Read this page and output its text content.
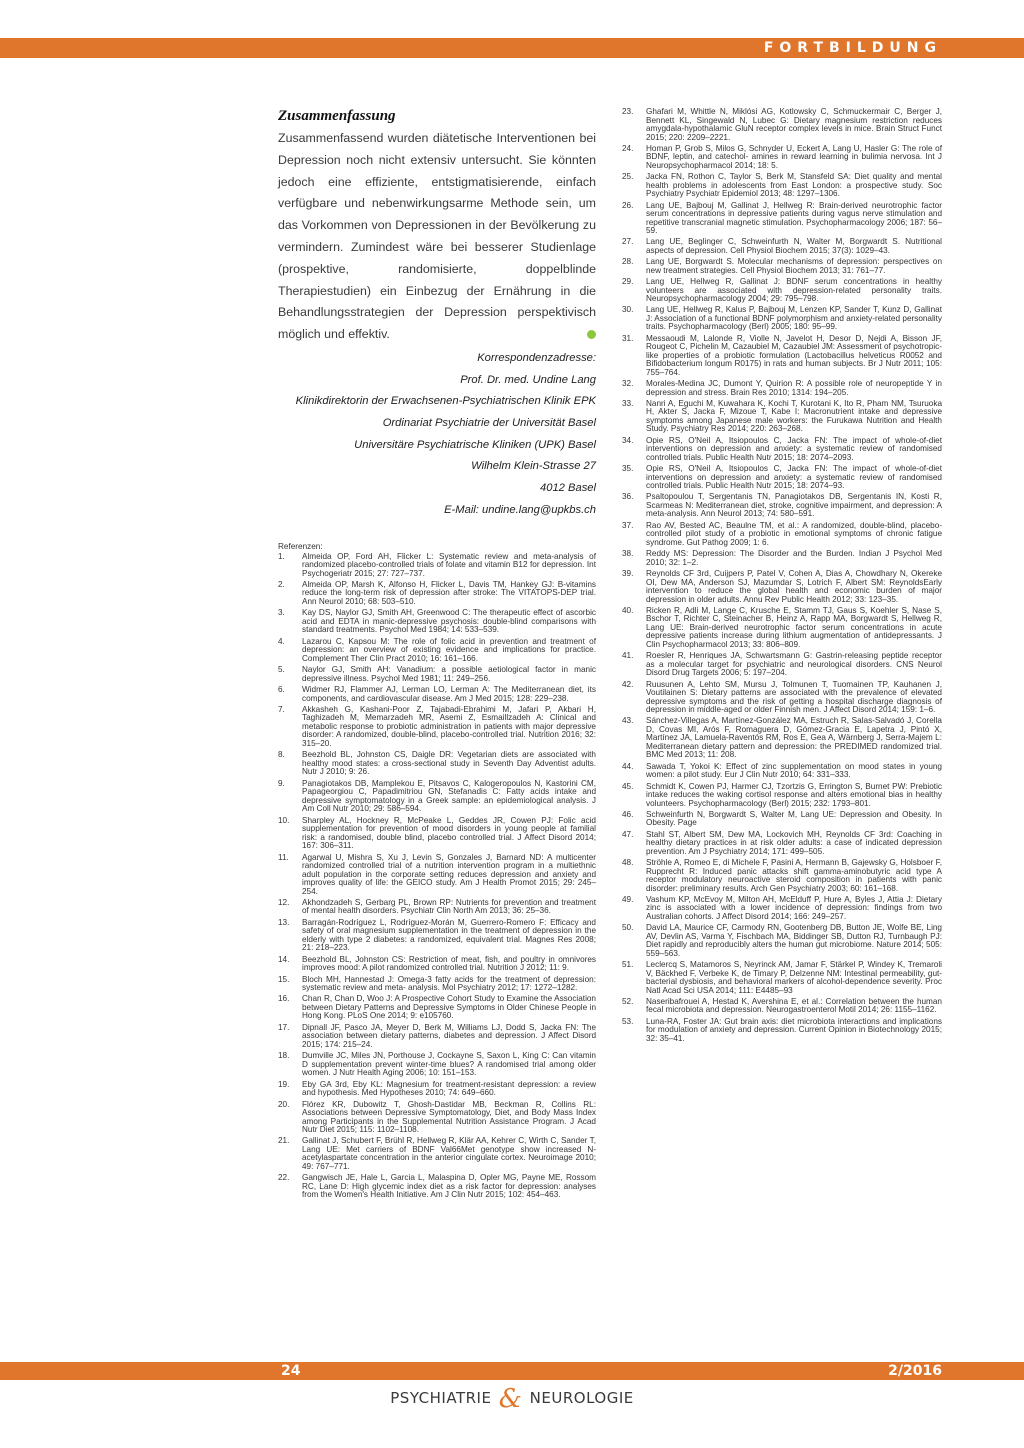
FORTBILDUNG
Zusammenfassung
Zusammenfassend wurden diätetische Interventionen bei Depression noch nicht extensiv untersucht. Sie könnten jedoch eine effiziente, entstigmatisierende, einfach verfügbare und nebenwirkungsarme Methode sein, um das Vorkommen von Depressionen in der Bevölkerung zu vermindern. Zumindest wäre bei besserer Studienlage (prospektive, randomisierte, doppelblinde Therapiestudien) ein Einbezug der Ernährung in die Behandlungsstrategien der Depression perspektivisch möglich und effektiv.
Korrespondenzadresse:
Prof. Dr. med. Undine Lang
Klinikdirektorin der Erwachsenen-Psychiatrischen Klinik EPK
Ordinariat Psychiatrie der Universität Basel
Universitäre Psychiatrische Kliniken (UPK) Basel
Wilhelm Klein-Strasse 27
4012 Basel
E-Mail: undine.lang@upkbs.ch
Referenzen:
1. Almeida OP, Ford AH, Flicker L: Systematic review and meta-analysis of randomized placebo-controlled trials of folate and vitamin B12 for depression. Int Psychogeriatr 2015; 27: 727–737.
2. Almeida OP, Marsh K, Alfonso H, Flicker L, Davis TM, Hankey GJ: B-vitamins reduce the long-term risk of depression after stroke: The VITATOPS-DEP trial. Ann Neurol 2010; 68: 503–510.
3. Kay DS, Naylor GJ, Smith AH, Greenwood C: The therapeutic effect of ascorbic acid and EDTA in manic-depressive psychosis: double-blind comparisons with standard treatments. Psychol Med 1984; 14: 533–539.
4. Lazarou C, Kapsou M: The role of folic acid in prevention and treatment of depression: an overview of existing evidence and implications for practice. Complement Ther Clin Pract 2010; 16: 161–166.
5. Naylor GJ, Smith AH: Vanadium: a possible aetiological factor in manic depressive illness. Psychol Med 1981; 11: 249–256.
6. Widmer RJ, Flammer AJ, Lerman LO, Lerman A: The Mediterranean diet, its components, and cardiovascular disease. Am J Med 2015; 128: 229–238.
7. Akkasheh G, Kashani-Poor Z, Tajabadi-Ebrahimi M, Jafari P, Akbari H, Taghizadeh M, Memarzadeh MR, Asemi Z, Esmaillzadeh A: Clinical and metabolic response to probiotic administration in patients with major depressive disorder: A randomized, double-blind, placebo-controlled trial. Nutrition 2016; 32: 315–20.
8. Beezhold BL, Johnston CS, Daigle DR: Vegetarian diets are associated with healthy mood states: a cross-sectional study in Seventh Day Adventist adults. Nutr J 2010; 9: 26.
9. Panagiotakos DB, Mamplekou E, Pitsavos C, Kalogeropoulos N, Kastorini CM, Papageorgiou C, Papadimitriou GN, Stefanadis C: Fatty acids intake and depressive symptomatology in a Greek sample: an epidemiological analysis. J Am Coll Nutr 2010; 29: 586–594.
10. Sharpley AL, Hockney R, McPeake L, Geddes JR, Cowen PJ: Folic acid supplementation for prevention of mood disorders in young people at familial risk: a randomised, double blind, placebo controlled trial. J Affect Disord 2014; 167: 306–311.
11. Agarwal U, Mishra S, Xu J, Levin S, Gonzales J, Barnard ND: A multicenter randomized controlled trial of a nutrition intervention program in a multiethnic adult population in the corporate setting reduces depression and anxiety and improves quality of life: the GEICO study. Am J Health Promot 2015; 29: 245–254.
12. Akhondzadeh S, Gerbarg PL, Brown RP: Nutrients for prevention and treatment of mental health disorders. Psychiatr Clin North Am 2013; 36: 25–36.
13. Barragán-Rodríguez L, Rodríguez-Morán M, Guerrero-Romero F: Efficacy and safety of oral magnesium supplementation in the treatment of depression in the elderly with type 2 diabetes: a randomized, equivalent trial. Magnes Res 2008; 21: 218–223.
14. Beezhold BL, Johnston CS: Restriction of meat, fish, and poultry in omnivores improves mood: A pilot randomized controlled trial. Nutrition J 2012; 11: 9.
15. Bloch MH, Hannestad J: Omega-3 fatty acids for the treatment of depression: systematic review and meta- analysis. Mol Psychiatry 2012; 17: 1272–1282.
16. Chan R, Chan D, Woo J: A Prospective Cohort Study to Examine the Association between Dietary Patterns and Depressive Symptoms in Older Chinese People in Hong Kong. PLoS One 2014; 9: e105760.
17. Dipnall JF, Pasco JA, Meyer D, Berk M, Williams LJ, Dodd S, Jacka FN: The association between dietary patterns, diabetes and depression. J Affect Disord 2015; 174: 215–24.
18. Dumville JC, Miles JN, Porthouse J, Cockayne S, Saxon L, King C: Can vitamin D supplementation prevent winter-time blues? A randomised trial among older women. J Nutr Health Aging 2006; 10: 151–153.
19. Eby GA 3rd, Eby KL: Magnesium for treatment-resistant depression: a review and hypothesis. Med Hypotheses 2010; 74: 649–660.
20. Flórez KR, Dubowitz T, Ghosh-Dastidar MB, Beckman R, Collins RL: Associations between Depressive Symptomatology, Diet, and Body Mass Index among Participants in the Supplemental Nutrition Assistance Program. J Acad Nutr Diet 2015; 115: 1102–1108.
21. Gallinat J, Schubert F, Brühl R, Hellweg R, Klär AA, Kehrer C, Wirth C, Sander T, Lang UE: Met carriers of BDNF Val66Met genotype show increased N-acetylaspartate concentration in the anterior cingulate cortex. Neuroimage 2010; 49: 767–771.
22. Gangwisch JE, Hale L, Garcia L, Malaspina D, Opler MG, Payne ME, Rossom RC, Lane D: High glycemic index diet as a risk factor for depression: analyses from the Women's Health Initiative. Am J Clin Nutr 2015; 102: 454–463.
23. Ghafari M, Whittle N, Miklósi AG, Kotlowsky C, Schmuckermair C, Berger J, Bennett KL, Singewald N, Lubec G: Dietary magnesium restriction reduces amygdala-hypothalamic GluN receptor complex levels in mice. Brain Struct Funct 2015; 220: 2209–2221.
24. Homan P, Grob S, Milos G, Schnyder U, Eckert A, Lang U, Hasler G: The role of BDNF, leptin, and catechol- amines in reward learning in bulimia nervosa. Int J Neuropsychopharmacol 2014; 18: 5.
25. Jacka FN, Rothon C, Taylor S, Berk M, Stansfeld SA: Diet quality and mental health problems in adolescents from East London: a prospective study. Soc Psychiatry Psychiatr Epidemiol 2013; 48: 1297–1306.
26. Lang UE, Bajbouj M, Gallinat J, Hellweg R: Brain-derived neurotrophic factor serum concentrations in depressive patients during vagus nerve stimulation and repetitive transcranial magnetic stimulation. Psychopharmacology 2006; 187: 56–59.
27. Lang UE, Beglinger C, Schweinfurth N, Walter M, Borgwardt S. Nutritional aspects of depression. Cell Physiol Biochem 2015; 37(3): 1029–43.
28. Lang UE, Borgwardt S. Molecular mechanisms of depression: perspectives on new treatment strategies. Cell Physiol Biochem 2013; 31: 761–77.
29. Lang UE, Hellweg R, Gallinat J: BDNF serum concentrations in healthy volunteers are associated with depression-related personality traits. Neuropsychopharmacology 2004; 29: 795–798.
30. Lang UE, Hellweg R, Kalus P, Bajbouj M, Lenzen KP, Sander T, Kunz D, Gallinat J: Association of a functional BDNF polymorphism and anxiety-related personality traits. Psychopharmacology (Berl) 2005; 180: 95–99.
31. Messaoudi M, Lalonde R, Violle N, Javelot H, Desor D, Nejdi A, Bisson JF, Rougeot C, Pichelin M, Cazaubiel M, Cazaubiel JM: Assessment of psychotropic-like properties of a probiotic formulation (Lactobacillus helveticus R0052 and Bifidobacterium longum R0175) in rats and human subjects. Br J Nutr 2011; 105: 755–764.
32. Morales-Medina JC, Dumont Y, Quirion R: A possible role of neuropeptide Y in depression and stress. Brain Res 2010; 1314: 194–205.
33. Nanri A, Eguchi M, Kuwahara K, Kochi T, Kurotani K, Ito R, Pham NM, Tsuruoka H, Akter S, Jacka F, Mizoue T, Kabe I: Macronutrient intake and depressive symptoms among Japanese male workers: the Furukawa Nutrition and Health Study. Psychiatry Res 2014; 220: 263–268.
34. Opie RS, O'Neil A, Itsiopoulos C, Jacka FN: The impact of whole-of-diet interventions on depression and anxiety: a systematic review of randomised controlled trials. Public Health Nutr 2015; 18: 2074–2093.
35. Opie RS, O'Neil A, Itsiopoulos C, Jacka FN: The impact of whole-of-diet interventions on depression and anxiety: a systematic review of randomised controlled trials. Public Health Nutr 2015; 18: 2074–93.
36. Psaltopoulou T, Sergentanis TN, Panagiotakos DB, Sergentanis IN, Kosti R, Scarmeas N: Mediterranean diet, stroke, cognitive impairment, and depression: A meta-analysis. Ann Neurol 2013; 74: 580–591.
37. Rao AV, Bested AC, Beaulne TM, et al.: A randomized, double-blind, placebo-controlled pilot study of a probiotic in emotional symptoms of chronic fatigue syndrome. Gut Pathog 2009; 1: 6.
38. Reddy MS: Depression: The Disorder and the Burden. Indian J Psychol Med 2010; 32: 1–2.
39. Reynolds CF 3rd, Cuijpers P, Patel V, Cohen A, Dias A, Chowdhary N, Okereke OI, Dew MA, Anderson SJ, Mazumdar S, Lotrich F, Albert SM: ReynoldsEarly intervention to reduce the global health and economic burden of major depression in older adults. Annu Rev Public Health 2012; 33: 123–35.
40. Ricken R, Adli M, Lange C, Krusche E, Stamm TJ, Gaus S, Koehler S, Nase S, Bschor T, Richter C, Steinacher B, Heinz A, Rapp MA, Borgwardt S, Hellweg R, Lang UE: Brain-derived neurotrophic factor serum concentrations in acute depressive patients increase during lithium augmentation of antidepressants. J Clin Psychopharmacol 2013; 33: 806–809.
41. Roesler R, Henriques JA, Schwartsmann G: Gastrin-releasing peptide receptor as a molecular target for psychiatric and neurological disorders. CNS Neurol Disord Drug Targets 2006; 5: 197–204.
42. Ruusunen A, Lehto SM, Mursu J, Tolmunen T, Tuomainen TP, Kauhanen J, Voutilainen S: Dietary patterns are associated with the prevalence of elevated depressive symptoms and the risk of getting a hospital discharge diagnosis of depression in middle-aged or older Finnish men. J Affect Disord 2014; 159: 1–6.
43. Sánchez-Villegas A, Martínez-González MA, Estruch R, Salas-Salvadó J, Corella D, Covas MI, Arós F, Romaguera D, Gómez-Gracia E, Lapetra J, Pintó X, Martínez JA, Lamuela-Raventós RM, Ros E, Gea A, Wärnberg J, Serra-Majem L: Mediterranean dietary pattern and depression: the PREDIMED randomized trial. BMC Med 2013; 11: 208.
44. Sawada T, Yokoi K: Effect of zinc supplementation on mood states in young women: a pilot study. Eur J Clin Nutr 2010; 64: 331–333.
45. Schmidt K, Cowen PJ, Harmer CJ, Tzortzis G, Errington S, Burnet PW: Prebiotic intake reduces the waking cortisol response and alters emotional bias in healthy volunteers. Psychopharmacology (Berl) 2015; 232: 1793–801.
46. Schweinfurth N, Borgwardt S, Walter M, Lang UE: Depression and Obesity. In Obesity. Page
47. Stahl ST, Albert SM, Dew MA, Lockovich MH, Reynolds CF 3rd: Coaching in healthy dietary practices in at risk older adults: a case of indicated depression prevention. Am J Psychiatry 2014; 171: 499–505.
48. Ströhle A, Romeo E, di Michele F, Pasini A, Hermann B, Gajewsky G, Holsboer F, Rupprecht R: Induced panic attacks shift gamma-aminobutyric acid type A receptor modulatory neuroactive steroid composition in patients with panic disorder: preliminary results. Arch Gen Psychiatry 2003; 60: 161–168.
49. Vashum KP, McEvoy M, Milton AH, McElduff P, Hure A, Byles J, Attia J: Dietary zinc is associated with a lower incidence of depression: findings from two Australian cohorts. J Affect Disord 2014; 166: 249–257.
50. David LA, Maurice CF, Carmody RN, Gootenberg DB, Button JE, Wolfe BE, Ling AV, Devlin AS, Varma Y, Fischbach MA, Biddinger SB, Dutton RJ, Turnbaugh PJ: Diet rapidly and reproducibly alters the human gut microbiome. Nature 2014; 505: 559–563.
51. Leclercq S, Matamoros S, Neyrinck AM, Jamar F, Stärkel P, Windey K, Tremaroli V, Bäckhed F, Verbeke K, de Timary P, Delzenne NM: Intestinal permeability, gut-bacterial dysbiosis, and behavioral markers of alcohol-dependence severity. Proc Natl Acad Sci USA 2014; 111: E4485–93
52. Naseribafrouei A, Hestad K, Avershina E, et al.: Correlation between the human fecal microbiota and depression. Neurogastroenterol Motil 2014; 26: 1155–1162.
53. Luna-RA, Foster JA: Gut brain axis: diet microbiota interactions and implications for modulation of anxiety and depression. Current Opinion in Biotechnology 2015; 32: 35–41.
24	2/2016
PSYCHIATRIE & NEUROLOGIE
